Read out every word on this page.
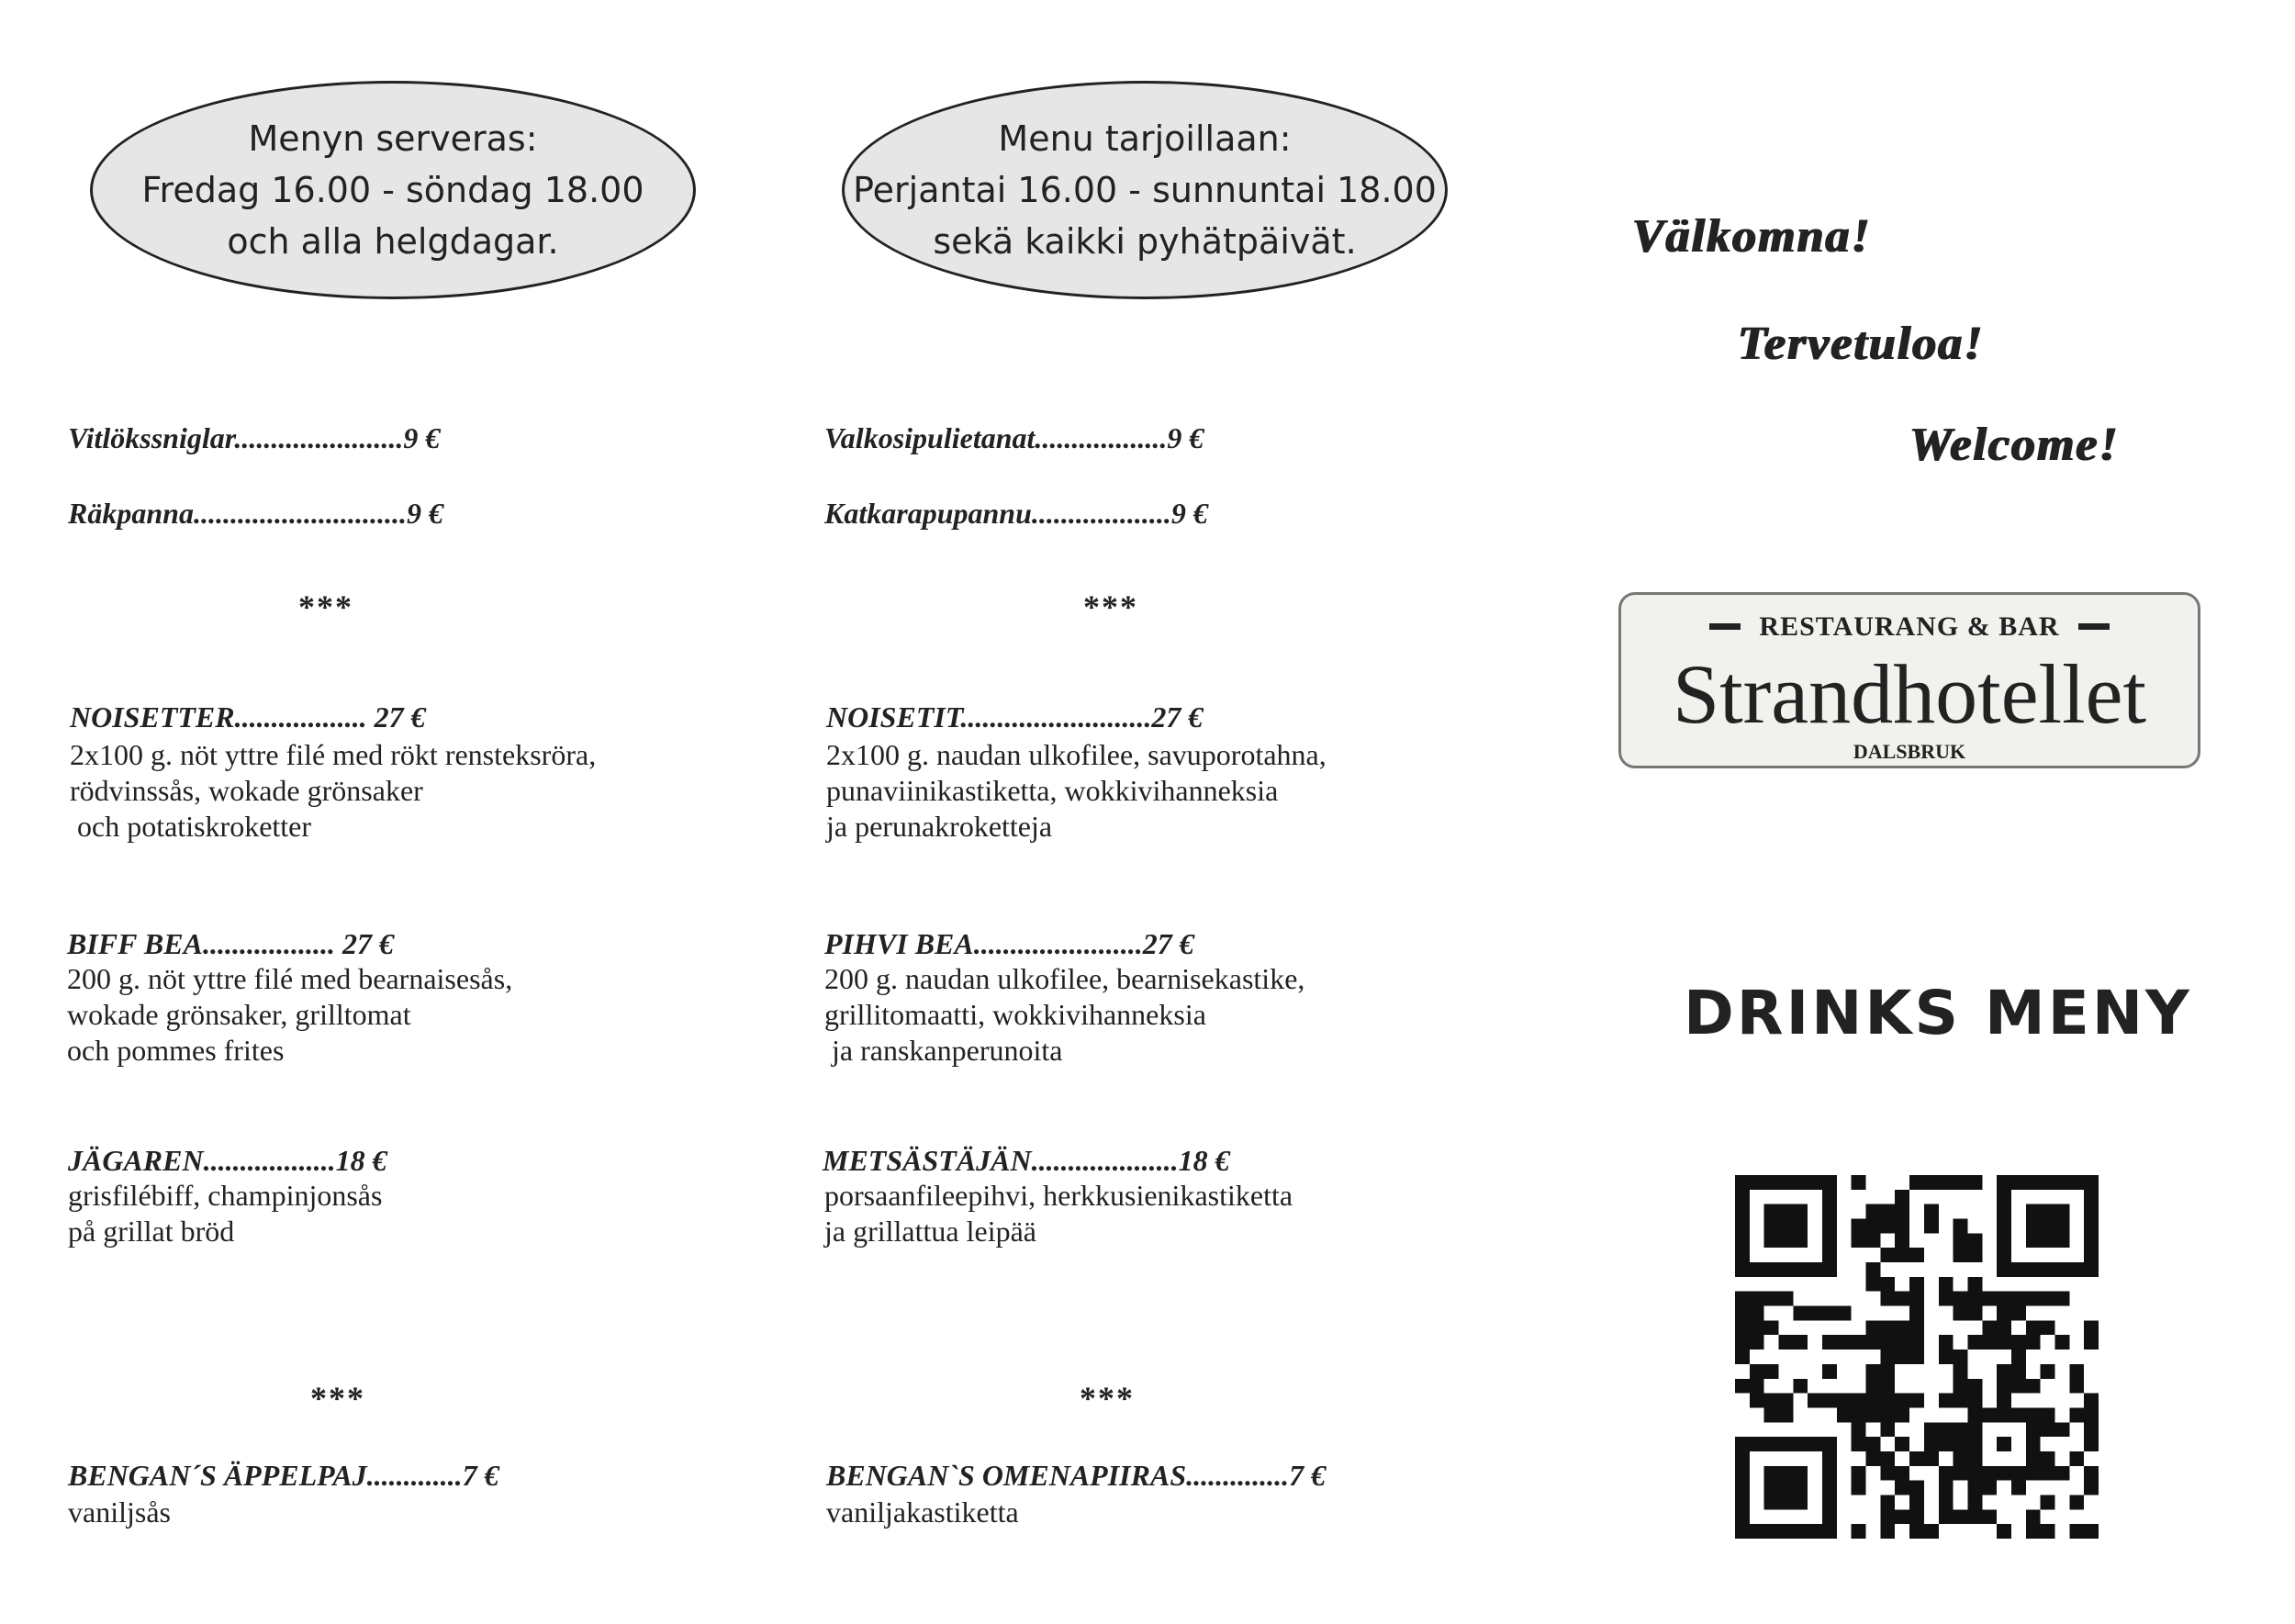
Menyn serveras:
Fredag 16.00 - söndag 18.00
och alla helgdagar.
Menu tarjoillaan:
Perjantai 16.00 - sunnuntai 18.00
sekä kaikki pyhätpäivät.
Vitlökssniglar.......................9 €
Räkpanna.............................9 €
***
NOISETTER.................. 27 €
2x100 g. nöt yttre filé med rökt rensteksröra,
rödvinssås, wokade grönsaker
och potatiskroketter
BIFF BEA.................. 27 €
200 g. nöt yttre filé med bearnaisesås,
wokade grönsaker, grilltomat
och pommes frites
JÄGAREN..................18 €
grisfilébiff, champinjonsås
på grillat bröd
***
BENGAN´S ÄPPELPAJ.............7 €
vaniljsås
Valkosipulietanat..................9 €
Katkarapupannu...................9 €
***
NOISETIT..........................27 €
2x100 g. naudan ulkofilee, savuporotahna,
punaviinikastiketta, wokkivihanneksia
ja perunakroketteja
PIHVI BEA.......................27 €
200 g. naudan ulkofilee, bearnisekastike,
grillitomaatti, wokkivihanneksia
ja ranskanperunoita
METSÄSTÄJÄN....................18 €
porsaanfileepihvi, herkkusienikastiketta
ja grillattua leipää
***
BENGAN`S OMENAPIIRAS..............7 €
vaniljakastiketta
Välkomna!
Tervetuloa!
Welcome!
RESTAURANG & BAR
Strandhotellet
DALSBRUK
DRINKS MENY
